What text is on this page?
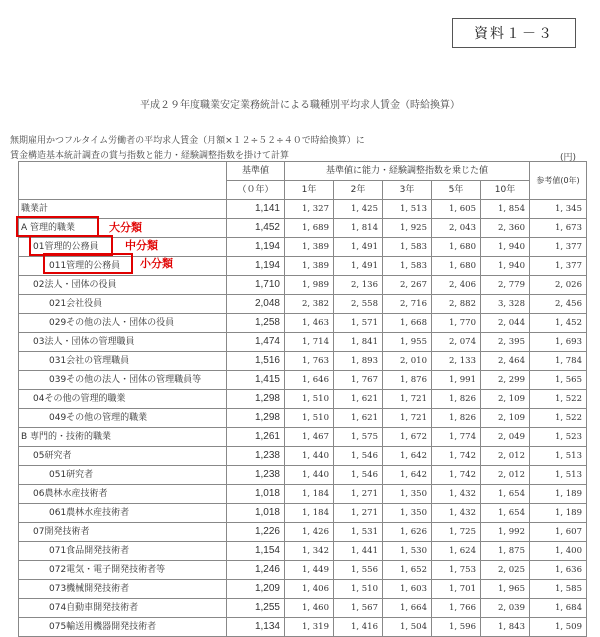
資料１－３
平成２９年度職業安定業務統計による職種別平均求人賃金（時給換算）
無期雇用かつフルタイム労働者の平均求人賃金（月額×１２÷５２÷４０で時給換算）に
賃金構造基本統計調査の賞与指数と能力・経験調整指数を掛けて計算	(円)
	基準値	基準値に能力・経験調整指数を乗じた値					参考値(0年)
	（０年）	1年	2年	3年	5年	10年	
職業計	1,141	1, 327	1, 425	1, 513	1, 605	1, 854	1, 345
A 管理的職業	1,452	1, 689	1, 814	1, 925	2, 043	2, 360	1, 673
01管理的公務員	1,194	1, 389	1, 491	1, 583	1, 680	1, 940	1, 377
011管理的公務員	1,194	1, 389	1, 491	1, 583	1, 680	1, 940	1, 377
02法人・団体の役員	1,710	1, 989	2, 136	2, 267	2, 406	2, 779	2, 026
021会社役員	2,048	2, 382	2, 558	2, 716	2, 882	3, 328	2, 456
029その他の法人・団体の役員	1,258	1, 463	1, 571	1, 668	1, 770	2, 044	1, 452
03法人・団体の管理職員	1,474	1, 714	1, 841	1, 955	2, 074	2, 395	1, 693
031会社の管理職員	1,516	1, 763	1, 893	2, 010	2, 133	2, 464	1, 784
039その他の法人・団体の管理職員等	1,415	1, 646	1, 767	1, 876	1, 991	2, 299	1, 565
04その他の管理的職業	1,298	1, 510	1, 621	1, 721	1, 826	2, 109	1, 522
049その他の管理的職業	1,298	1, 510	1, 621	1, 721	1, 826	2, 109	1, 522
B 専門的・技術的職業	1,261	1, 467	1, 575	1, 672	1, 774	2, 049	1, 523
05研究者	1,238	1, 440	1, 546	1, 642	1, 742	2, 012	1, 513
051研究者	1,238	1, 440	1, 546	1, 642	1, 742	2, 012	1, 513
06農林水産技術者	1,018	1, 184	1, 271	1, 350	1, 432	1, 654	1, 189
061農林水産技術者	1,018	1, 184	1, 271	1, 350	1, 432	1, 654	1, 189
07開発技術者	1,226	1, 426	1, 531	1, 626	1, 725	1, 992	1, 607
071食品開発技術者	1,154	1, 342	1, 441	1, 530	1, 624	1, 875	1, 400
072電気・電子開発技術者等	1,246	1, 449	1, 556	1, 652	1, 753	2, 025	1, 636
073機械開発技術者	1,209	1, 406	1, 510	1, 603	1, 701	1, 965	1, 585
074自動車開発技術者	1,255	1, 460	1, 567	1, 664	1, 766	2, 039	1, 684
075輸送用機器開発技術者	1,134	1, 319	1, 416	1, 504	1, 596	1, 843	1, 509
大分類
中分類
小分類
